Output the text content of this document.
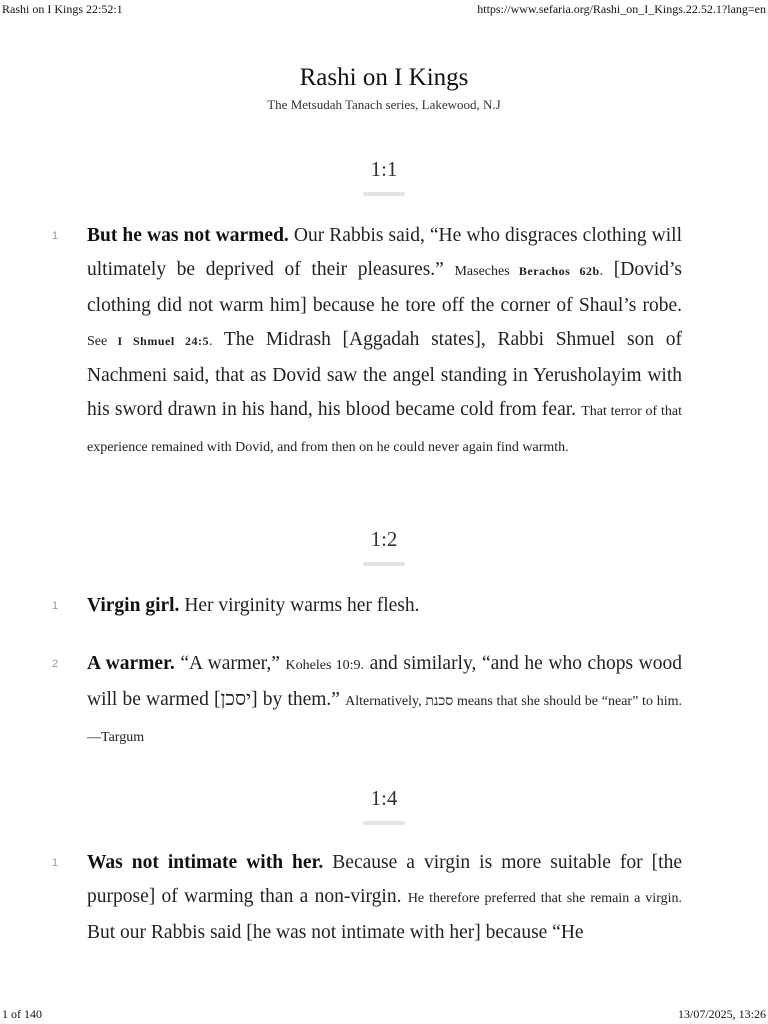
Rashi on I Kings 22:52:1	https://www.sefaria.org/Rashi_on_I_Kings.22.52.1?lang=en
Rashi on I Kings
The Metsudah Tanach series, Lakewood, N.J
1:1
1 But he was not warmed. Our Rabbis said, “He who disgraces clothing will ultimately be deprived of their pleasures.” Maseches Berachos 62b. [Dovid’s clothing did not warm him] because he tore off the corner of Shaul’s robe. See I Shmuel 24:5. The Midrash [Aggadah states], Rabbi Shmuel son of Nachmeni said, that as Dovid saw the angel standing in Yerusholayim with his sword drawn in his hand, his blood became cold from fear. That terror of that experience remained with Dovid, and from then on he could never again find warmth.
1:2
1 Virgin girl. Her virginity warms her flesh.
2 A warmer. “A warmer,” Koheles 10:9. and similarly, “and he who chops wood will be warmed [יסכן] by them.” Alternatively, סכנת means that she should be “near” to him.—Targum
1:4
1 Was not intimate with her. Because a virgin is more suitable for [the purpose] of warming than a non-virgin. He therefore preferred that she remain a virgin. But our Rabbis said [he was not intimate with her] because “He
1 of 140	13/07/2025, 13:26
